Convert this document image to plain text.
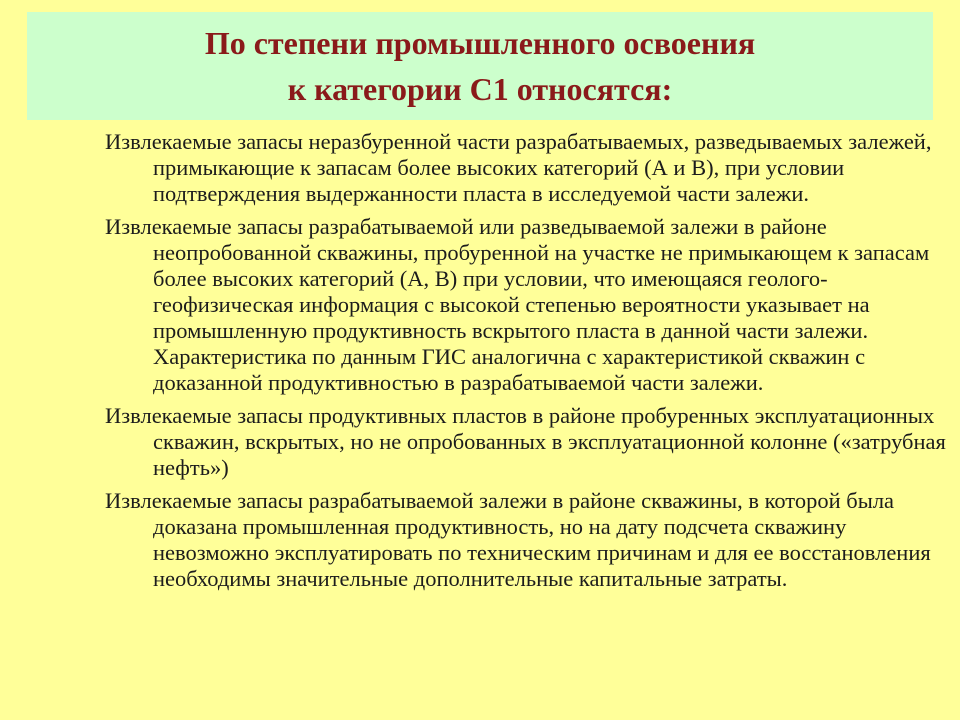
По степени промышленного освоения
к категории С1 относятся:

Извлекаемые запасы неразбуренной части разрабатываемых, разведываемых залежей, примыкающие к запасам более высоких категорий (А и В), при условии подтверждения выдержанности пласта в исследуемой части залежи.

Извлекаемые запасы разрабатываемой или разведываемой залежи в районе неопробованной скважины, пробуренной на участке не примыкающем к запасам более высоких категорий (А, В) при условии, что имеющаяся геолого-геофизическая информация с высокой степенью вероятности указывает на промышленную продуктивность вскрытого пласта в данной части залежи. Характеристика по данным ГИС аналогична с характеристикой скважин с доказанной продуктивностью в разрабатываемой части залежи.

Извлекаемые запасы продуктивных пластов в районе пробуренных эксплуатационных скважин, вскрытых, но не опробованных в эксплуатационной колонне («затрубная нефть»)

Извлекаемые запасы разрабатываемой залежи в районе скважины, в которой была доказана промышленная продуктивность, но на дату подсчета скважину невозможно эксплуатировать по техническим причинам и для ее восстановления необходимы значительные дополнительные капитальные затраты.
